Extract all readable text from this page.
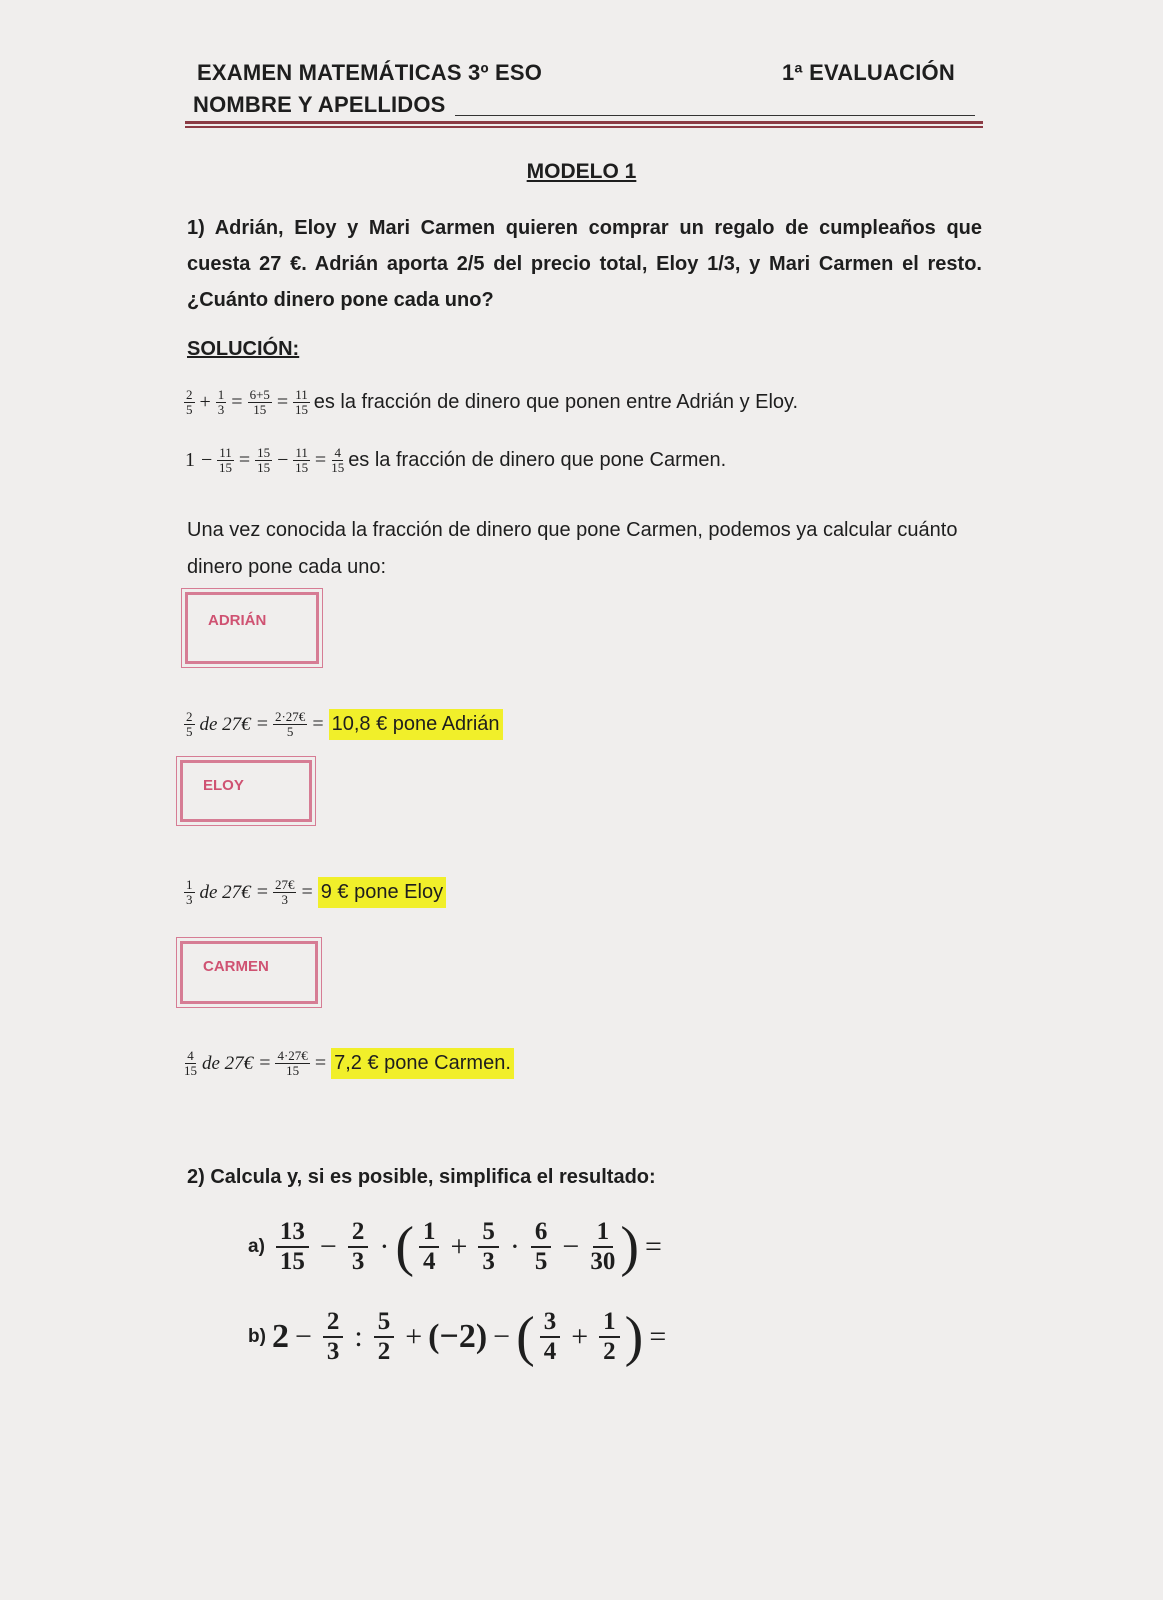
EXAMEN MATEMÁTICAS 3º ESO	1ª EVALUACIÓN
NOMBRE Y APELLIDOS
MODELO 1
1) Adrián, Eloy y Mari Carmen quieren comprar un regalo de cumpleaños que cuesta 27 €. Adrián aporta 2/5 del precio total, Eloy 1/3, y Mari Carmen el resto. ¿Cuánto dinero pone cada uno?
SOLUCIÓN:
$\frac{2}{5} + \frac{1}{3} = \frac{6+5}{15} = \frac{11}{15}$ es la fracción de dinero que ponen entre Adrián y Eloy.
$1 - \frac{11}{15} = \frac{15}{15} - \frac{11}{15} = \frac{4}{15}$ es la fracción de dinero que pone Carmen.
Una vez conocida la fracción de dinero que pone Carmen, podemos ya calcular cuánto dinero pone cada uno:
ADRIÁN
$\frac{2}{5}$ de 27€ = $\frac{2\cdot 27€}{5} = 10,8$ € pone Adrián
ELOY
$\frac{1}{3}$ de 27€ = $\frac{27€}{3} = 9$ € pone Eloy
CARMEN
$\frac{4}{15}$ de 27€ = $\frac{4\cdot 27€}{15} = 7,2$ € pone Carmen.
2) Calcula y, si es posible, simplifica el resultado:
$a) \frac{13}{15} - \frac{2}{3}$ · ( $\frac{1}{4} + \frac{5}{3} \cdot \frac{6}{5} - \frac{1}{30}$ ) =
b) $2 - \frac{2}{3}$ : $\frac{5}{2} + (-2)$ − ( $\frac{3}{4} + \frac{1}{2}$ ) =
